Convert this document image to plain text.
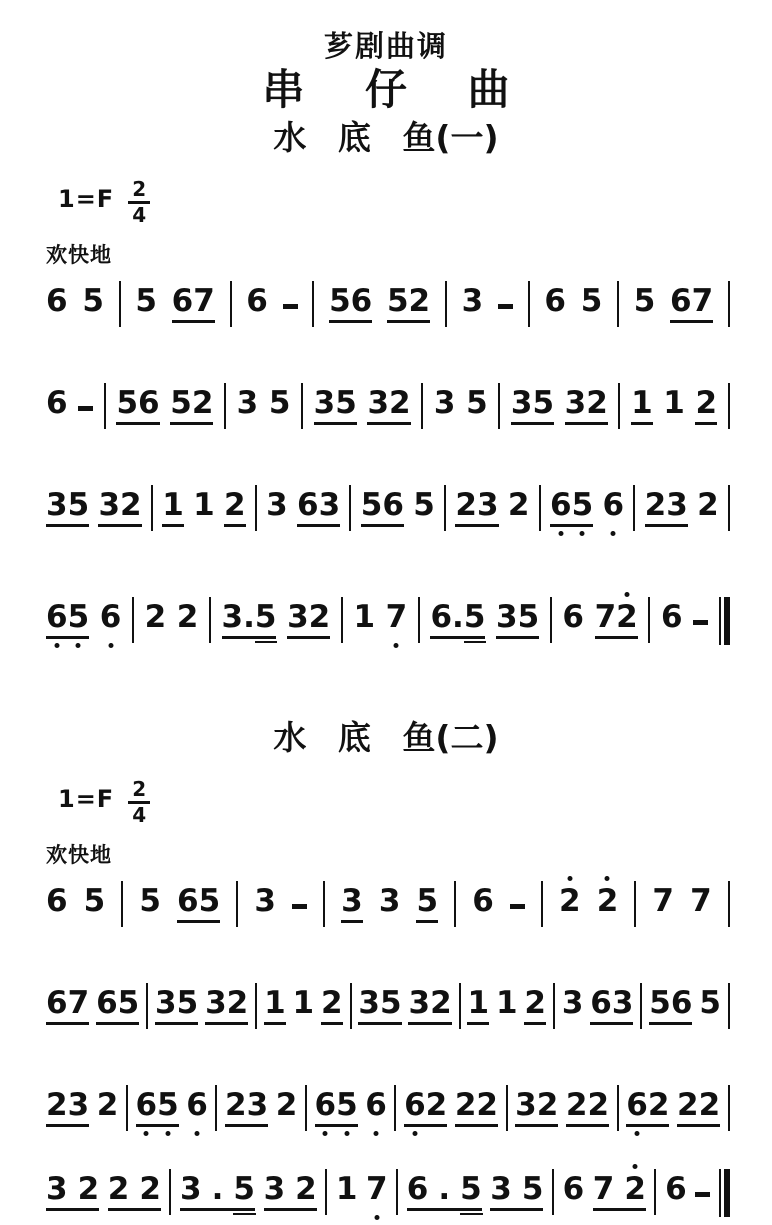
芗剧曲调
串 仔 曲
水 底 鱼(一)
$1=F \frac{2}{4}$
欢快地
6 5 5 6 7 6 5 6 5 2 3 6 5 5 6 7
6 5 6 5 2 3 5 3 5 3 2 3 5 3 5 3 2 1 1 2
3 5 3 2 1 1 2 3 6 3 5 6 5 2 3 2 6 5 6 2 3 2
6 5 6 2 2 3 . 5 3 2 1 7 6 . 5 3 5 6 7 2 6
水 底 鱼(二)
$1=F \frac{2}{4}$
欢快地
6 5 5 6 5 3 3 3 5 6 2 2 7 7
6 7 6 5 3 5 3 2 1 1 2 3 5 3 2 1 1 2 3 6 3 5 6 5
2 3 2 6 5 6 2 3 2 6 5 6 6 2 2 2 3 2 2 2 6 2 2 2
3 2 2 2 3 . 5 3 2 1 7 6 . 5 3 5 6 7 2 6
